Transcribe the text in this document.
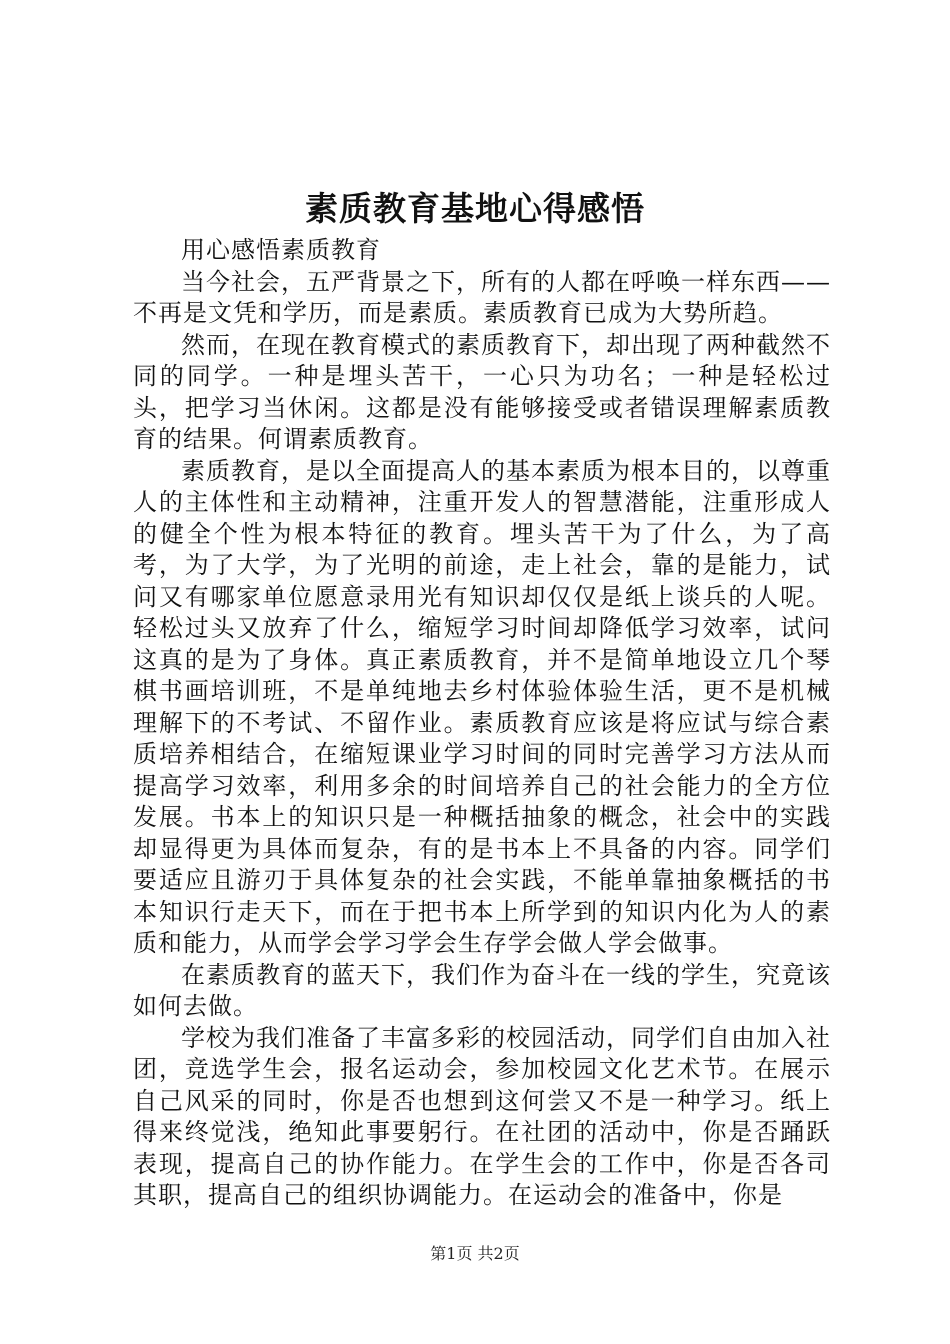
素质教育基地心得感悟

用心感悟素质教育

当今社会，五严背景之下，所有的人都在呼唤一样东西——不再是文凭和学历，而是素质。素质教育已成为大势所趋。

然而，在现在教育模式的素质教育下，却出现了两种截然不同的同学。一种是埋头苦干，一心只为功名；一种是轻松过头，把学习当休闲。这都是没有能够接受或者错误理解素质教育的结果。何谓素质教育。

素质教育，是以全面提高人的基本素质为根本目的，以尊重人的主体性和主动精神，注重开发人的智慧潜能，注重形成人的健全个性为根本特征的教育。埋头苦干为了什么，为了高考，为了大学，为了光明的前途，走上社会，靠的是能力，试问又有哪家单位愿意录用光有知识却仅仅是纸上谈兵的人呢。轻松过头又放弃了什么，缩短学习时间却降低学习效率，试问这真的是为了身体。真正素质教育，并不是简单地设立几个琴棋书画培训班，不是单纯地去乡村体验体验生活，更不是机械理解下的不考试、不留作业。素质教育应该是将应试与综合素质培养相结合，在缩短课业学习时间的同时完善学习方法从而提高学习效率，利用多余的时间培养自己的社会能力的全方位发展。书本上的知识只是一种概括抽象的概念，社会中的实践却显得更为具体而复杂，有的是书本上不具备的内容。同学们要适应且游刃于具体复杂的社会实践，不能单靠抽象概括的书本知识行走天下，而在于把书本上所学到的知识内化为人的素质和能力，从而学会学习学会生存学会做人学会做事。

在素质教育的蓝天下，我们作为奋斗在一线的学生，究竟该如何去做。

学校为我们准备了丰富多彩的校园活动，同学们自由加入社团，竞选学生会，报名运动会，参加校园文化艺术节。在展示自己风采的同时，你是否也想到这何尝又不是一种学习。纸上得来终觉浅，绝知此事要躬行。在社团的活动中，你是否踊跃表现，提高自己的协作能力。在学生会的工作中，你是否各司其职，提高自己的组织协调能力。在运动会的准备中，你是

第1页 共2页
